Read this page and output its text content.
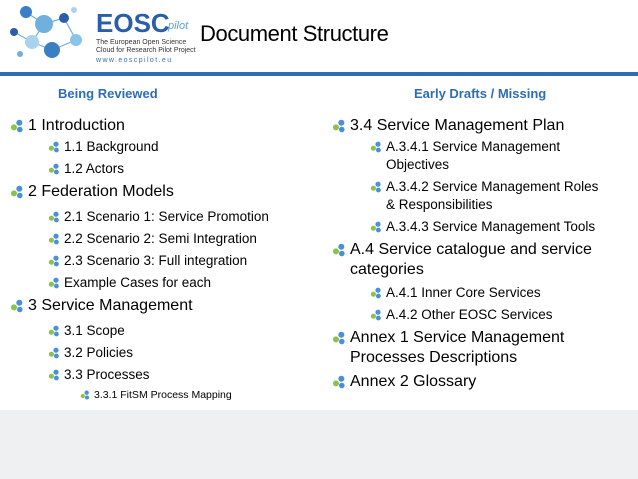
EOSC
pilot
The European Open Science
Cloud for Research Pilot Project
www.eoscpilot.eu
Document Structure
Being Reviewed	Early Drafts / Missing
1 Introduction
1.1 Background
1.2 Actors
2 Federation Models
2.1 Scenario 1: Service Promotion
2.2 Scenario 2: Semi Integration
2.3 Scenario 3: Full integration
Example Cases for each
3 Service Management
3.1 Scope
3.2 Policies
3.3 Processes
3.3.1 FitSM Process Mapping
3.4 Service Management Plan
A.3.4.1 Service Management Objectives
A.3.4.2 Service Management Roles & Responsibilities
A.3.4.3 Service Management Tools
A.4 Service catalogue and service categories
A.4.1 Inner Core Services
A.4.2 Other EOSC Services
Annex 1 Service Management Processes Descriptions
Annex 2 Glossary
